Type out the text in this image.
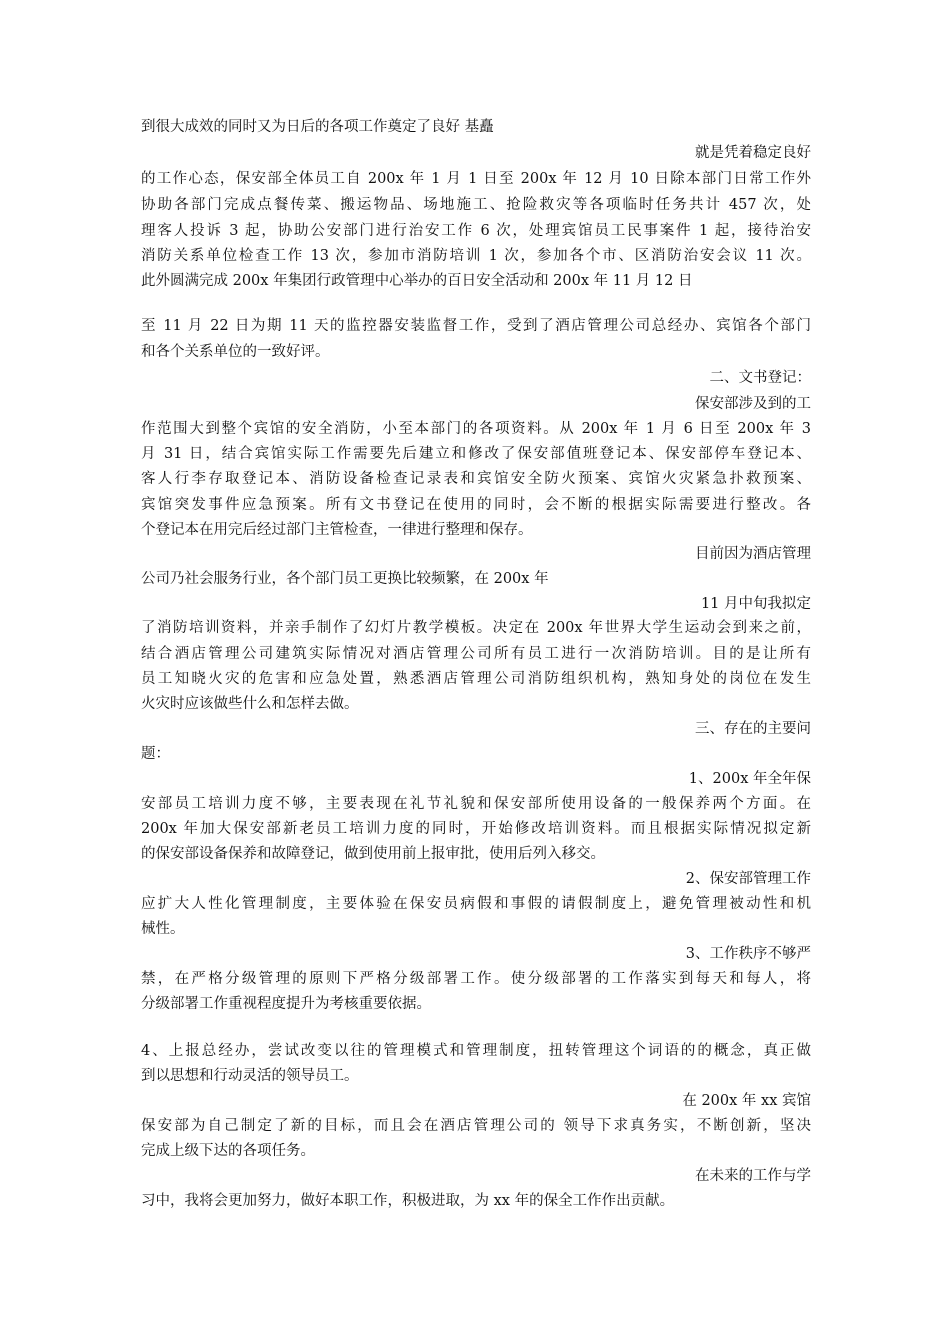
到很大成效的同时又为日后的各项工作奠定了良好 基矗
就是凭着稳定良好
的工作心态，保安部全体员工自 200x 年 1 月 1 日至 200x 年 12 月 10 日除本部门日常工作外
协助各部门完成点餐传菜、搬运物品、场地施工、抢险救灾等各项临时任务共计 457 次，处
理客人投诉 3 起，协助公安部门进行治安工作 6 次，处理宾馆员工民事案件 1 起，接待治安
消防关系单位检查工作 13 次，参加市消防培训 1 次，参加各个市、区消防治安会议 11 次。
此外圆满完成 200x 年集团行政管理中心举办的百日安全活动和 200x 年 11 月 12 日
至 11 月 22 日为期 11 天的监控器安装监督工作，受到了酒店管理公司总经办、宾馆各个部门
和各个关系单位的一致好评。
二、文书登记：
保安部涉及到的工
作范围大到整个宾馆的安全消防，小至本部门的各项资料。从 200x 年 1 月 6 日至 200x 年 3
月 31 日，结合宾馆实际工作需要先后建立和修改了保安部值班登记本、保安部停车登记本、
客人行李存取登记本、消防设备检查记录表和宾馆安全防火预案、宾馆火灾紧急扑救预案、
宾馆突发事件应急预案。所有文书登记在使用的同时，会不断的根据实际需要进行整改。各
个登记本在用完后经过部门主管检查，一律进行整理和保存。
目前因为酒店管理
公司乃社会服务行业，各个部门员工更换比较频繁，在 200x 年
11 月中旬我拟定
了消防培训资料，并亲手制作了幻灯片教学模板。决定在 200x 年世界大学生运动会到来之前，
结合酒店管理公司建筑实际情况对酒店管理公司所有员工进行一次消防培训。目的是让所有
员工知晓火灾的危害和应急处置，熟悉酒店管理公司消防组织机构，熟知身处的岗位在发生
火灾时应该做些什么和怎样去做。
三、存在的主要问
题：
1、200x 年全年保
安部员工培训力度不够，主要表现在礼节礼貌和保安部所使用设备的一般保养两个方面。在
200x 年加大保安部新老员工培训力度的同时，开始修改培训资料。而且根据实际情况拟定新
的保安部设备保养和故障登记，做到使用前上报审批，使用后列入移交。
2、保安部管理工作
应扩大人性化管理制度，主要体验在保安员病假和事假的请假制度上，避免管理被动性和机
械性。
3、工作秩序不够严
禁，在严格分级管理的原则下严格分级部署工作。使分级部署的工作落实到每天和每人，将
分级部署工作重视程度提升为考核重要依据。
4、上报总经办，尝试改变以往的管理模式和管理制度，扭转管理这个词语的的概念，真正做
到以思想和行动灵活的领导员工。
在 200x 年 xx 宾馆
保安部为自己制定了新的目标，而且会在酒店管理公司的 领导下求真务实，不断创新，坚决
完成上级下达的各项任务。
在未来的工作与学
习中，我将会更加努力，做好本职工作，积极进取，为 xx 年的保全工作作出贡献。
